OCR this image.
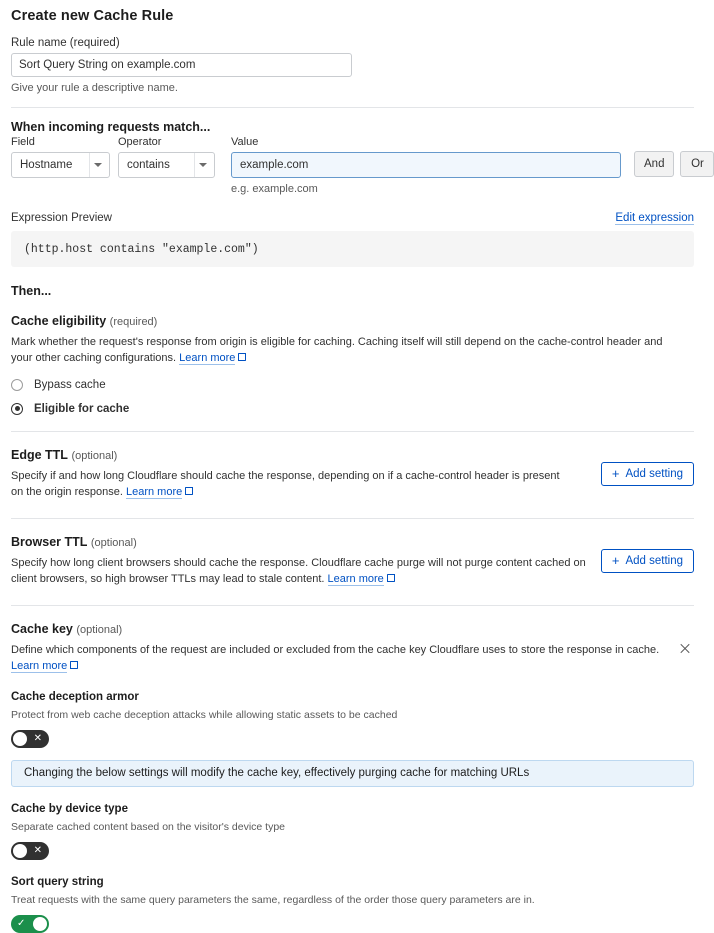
Create new Cache Rule
Rule name (required)
Sort Query String on example.com
Give your rule a descriptive name.
When incoming requests match...
Field
Hostname
Operator
contains
Value
example.com
e.g. example.com
And	Or
Expression Preview	Edit expression
(http.host contains "example.com")
Then...
Cache eligibility (required)
Mark whether the request's response from origin is eligible for caching. Caching itself will still depend on the cache-control header and your other caching configurations. Learn more
Bypass cache
Eligible for cache
Edge TTL (optional)
Specify if and how long Cloudflare should cache the response, depending on if a cache-control header is present on the origin response. Learn more
+ Add setting
Browser TTL (optional)
Specify how long client browsers should cache the response. Cloudflare cache purge will not purge content cached on client browsers, so high browser TTLs may lead to stale content. Learn more
+ Add setting
Cache key (optional)
Define which components of the request are included or excluded from the cache key Cloudflare uses to store the response in cache.
Learn more
Cache deception armor
Protect from web cache deception attacks while allowing static assets to be cached
✕
Changing the below settings will modify the cache key, effectively purging cache for matching URLs
Cache by device type
Separate cached content based on the visitor's device type
✕
Sort query string
Treat requests with the same query parameters the same, regardless of the order those query parameters are in.
✓
